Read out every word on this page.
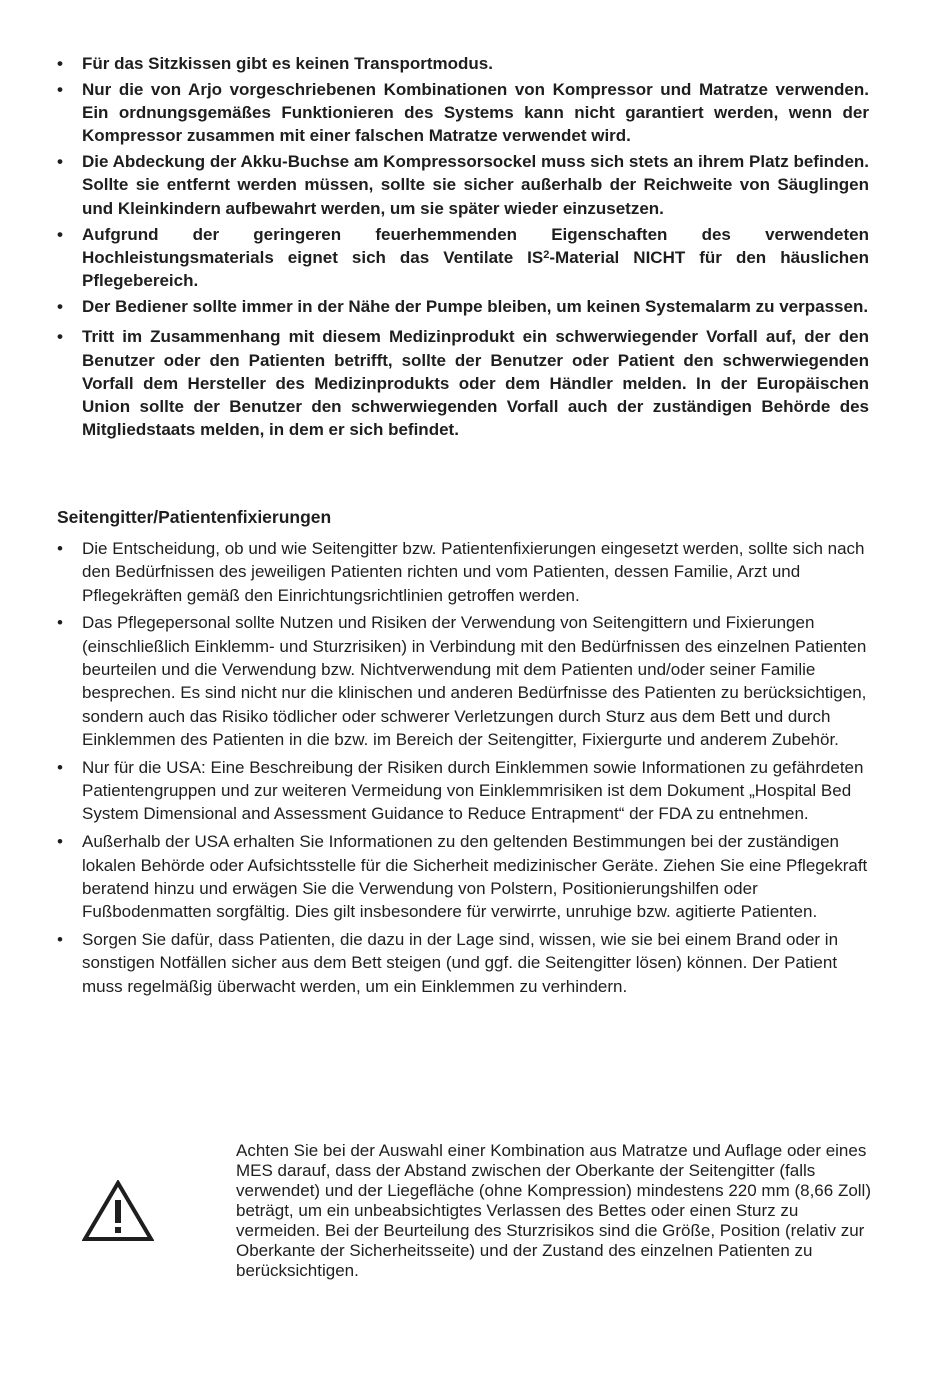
• Für das Sitzkissen gibt es keinen Transportmodus.
• Nur die von Arjo vorgeschriebenen Kombinationen von Kompressor und Matratze verwenden. Ein ordnungsgemäßes Funktionieren des Systems kann nicht garantiert werden, wenn der Kompressor zusammen mit einer falschen Matratze verwendet wird.
• Die Abdeckung der Akku-Buchse am Kompressorsockel muss sich stets an ihrem Platz befinden. Sollte sie entfernt werden müssen, sollte sie sicher außerhalb der Reichweite von Säuglingen und Kleinkindern aufbewahrt werden, um sie später wieder einzusetzen.
• Aufgrund der geringeren feuerhemmenden Eigenschaften des verwendeten Hochleistungsmaterials eignet sich das Ventilate $IS^2$-Material NICHT für den häuslichen Pflegebereich.
• Der Bediener sollte immer in der Nähe der Pumpe bleiben, um keinen Systemalarm zu verpassen.
• Tritt im Zusammenhang mit diesem Medizinprodukt ein schwerwiegender Vorfall auf, der den Benutzer oder den Patienten betrifft, sollte der Benutzer oder Patient den schwerwiegenden Vorfall dem Hersteller des Medizinprodukts oder dem Händler melden. In der Europäischen Union sollte der Benutzer den schwerwiegenden Vorfall auch der zuständigen Behörde des Mitgliedstaats melden, in dem er sich befindet.
Seitengitter/Patientenfixierungen
• Die Entscheidung, ob und wie Seitengitter bzw. Patientenfixierungen eingesetzt werden, sollte sich nach den Bedürfnissen des jeweiligen Patienten richten und vom Patienten, dessen Familie, Arzt und Pflegekräften gemäß den Einrichtungsrichtlinien getroffen werden.
• Das Pflegepersonal sollte Nutzen und Risiken der Verwendung von Seitengittern und Fixierungen (einschließlich Einklemm- und Sturzrisiken) in Verbindung mit den Bedürfnissen des einzelnen Patienten beurteilen und die Verwendung bzw. Nichtverwendung mit dem Patienten und/oder seiner Familie besprechen. Es sind nicht nur die klinischen und anderen Bedürfnisse des Patienten zu berücksichtigen, sondern auch das Risiko tödlicher oder schwerer Verletzungen durch Sturz aus dem Bett und durch Einklemmen des Patienten in die bzw. im Bereich der Seitengitter, Fixiergurte und anderem Zubehör.
• Nur für die USA: Eine Beschreibung der Risiken durch Einklemmen sowie Informationen zu gefährdeten Patientengruppen und zur weiteren Vermeidung von Einklemmrisiken ist dem Dokument „Hospital Bed System Dimensional and Assessment Guidance to Reduce Entrapment“ der FDA zu entnehmen.
• Außerhalb der USA erhalten Sie Informationen zu den geltenden Bestimmungen bei der zuständigen lokalen Behörde oder Aufsichtsstelle für die Sicherheit medizinischer Geräte. Ziehen Sie eine Pflegekraft beratend hinzu und erwägen Sie die Verwendung von Polstern, Positionierungshilfen oder Fußbodenmatten sorgfältig. Dies gilt insbesondere für verwirrte, unruhige bzw. agitierte Patienten.
• Sorgen Sie dafür, dass Patienten, die dazu in der Lage sind, wissen, wie sie bei einem Brand oder in sonstigen Notfällen sicher aus dem Bett steigen (und ggf. die Seitengitter lösen) können. Der Patient muss regelmäßig überwacht werden, um ein Einklemmen zu verhindern.
Achten Sie bei der Auswahl einer Kombination aus Matratze und Auflage oder eines MES darauf, dass der Abstand zwischen der Oberkante der Seitengitter (falls verwendet) und der Liegefläche (ohne Kompression) mindestens 220 mm (8,66 Zoll) beträgt, um ein unbeabsichtigtes Verlassen des Bettes oder einen Sturz zu vermeiden. Bei der Beurteilung des Sturzrisikos sind die Größe, Position (relativ zur Oberkante der Sicherheitsseite) und der Zustand des einzelnen Patienten zu berücksichtigen.
